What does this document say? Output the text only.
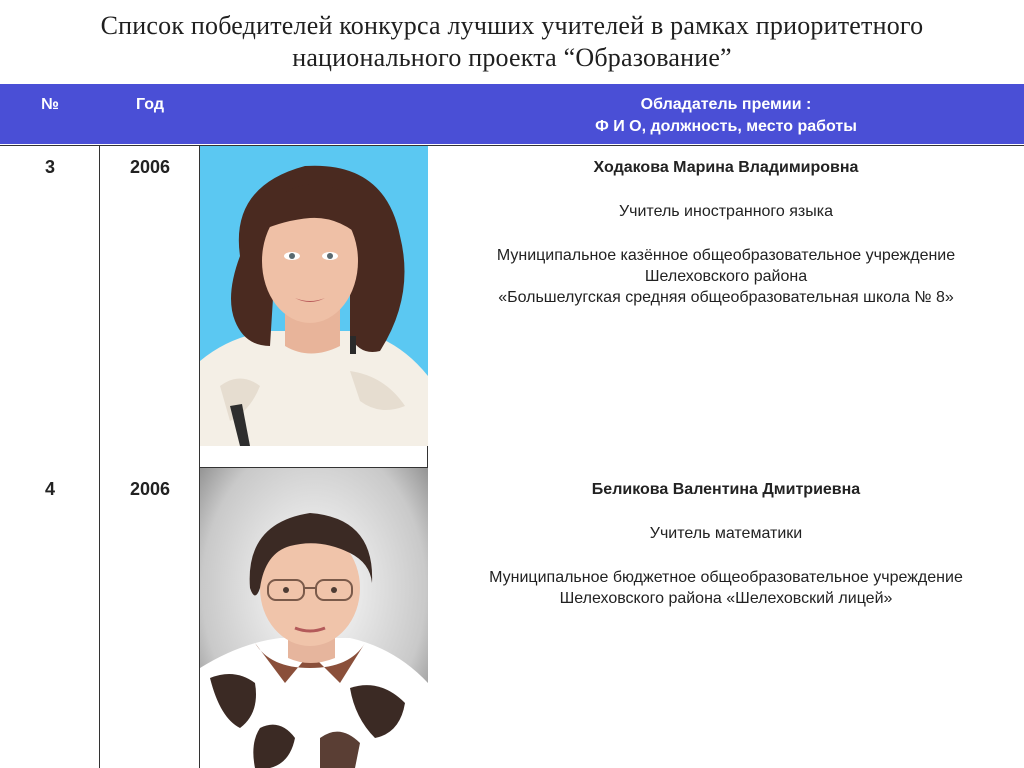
Список победителей конкурса лучших учителей в рамках приоритетного
национального проекта “Образование”
№	Год	Обладатель премии :
Ф И О, должность, место работы
3	2006	Ходакова Марина Владимировна
Учитель иностранного языка
Муниципальное казённое общеобразовательное учреждение
Шелеховского района
«Большелугская средняя общеобразовательная школа № 8»
4	2006	Беликова Валентина Дмитриевна
Учитель математики
Муниципальное бюджетное общеобразовательное учреждение
Шелеховского района «Шелеховский лицей»
